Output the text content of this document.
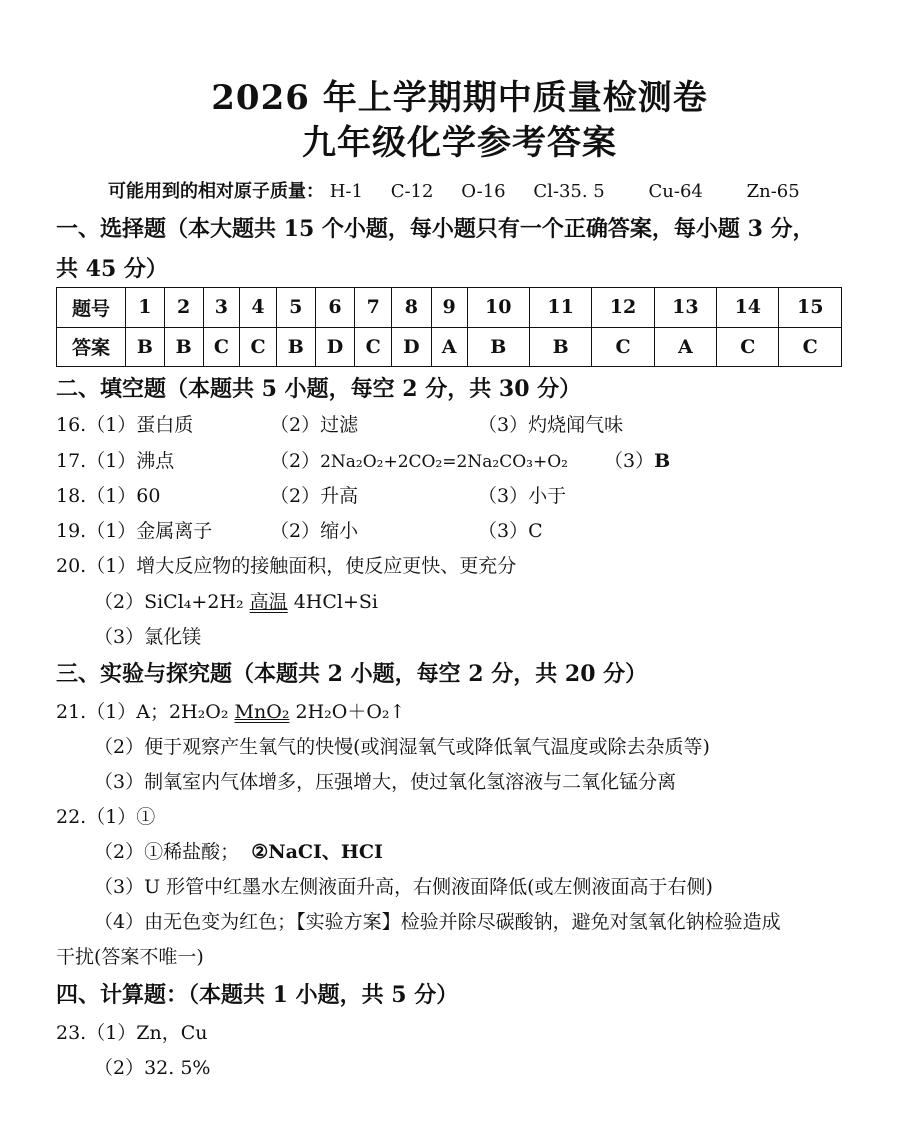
2026 年上学期期中质量检测卷
九年级化学参考答案
可能用到的相对原子质量： H-1 C-12 O-16 Cl-35. 5 Cu-64 Zn-65
一、选择题（本大题共 15 个小题，每小题只有一个正确答案，每小题 3 分，
共 45 分）
题号	1	2	3	4	5	6	7	8	9	10	11	12	13	14	15
答案	B	B	C	C	B	D	C	D	A	B	B	C	A	C	C
二、填空题（本题共 5 小题，每空 2 分，共 30 分）
16.（1）蛋白质	（2）过滤	（3）灼烧闻气味
17.（1）沸点	（2）2Na₂O₂+2CO₂=2Na₂CO₃+O₂ （3）B
18.（1）60	（2）升高	（3）小于
19.（1）金属离子	（2）缩小	（3）C
20.（1）增大反应物的接触面积，使反应更快、更充分
（2）SiCl₄+2H₂ 高温 4HCl+Si
（3）氯化镁
三、实验与探究题（本题共 2 小题，每空 2 分，共 20 分）
21.（1）A；2H₂O₂ MnO₂ 2H₂O＋O₂↑
（2）便于观察产生氧气的快慢(或润湿氧气或降低氧气温度或除去杂质等)
（3）制氧室内气体增多，压强增大，使过氧化氢溶液与二氧化锰分离
22.（1）①
（2）①稀盐酸； ②NaCI、HCI
（3）U 形管中红墨水左侧液面升高，右侧液面降低(或左侧液面高于右侧)
（4）由无色变为红色；【实验方案】检验并除尽碳酸钠，避免对氢氧化钠检验造成
干扰(答案不唯一)
四、计算题：（本题共 1 小题，共 5 分）
23.（1）Zn，Cu
（2）32. 5%
